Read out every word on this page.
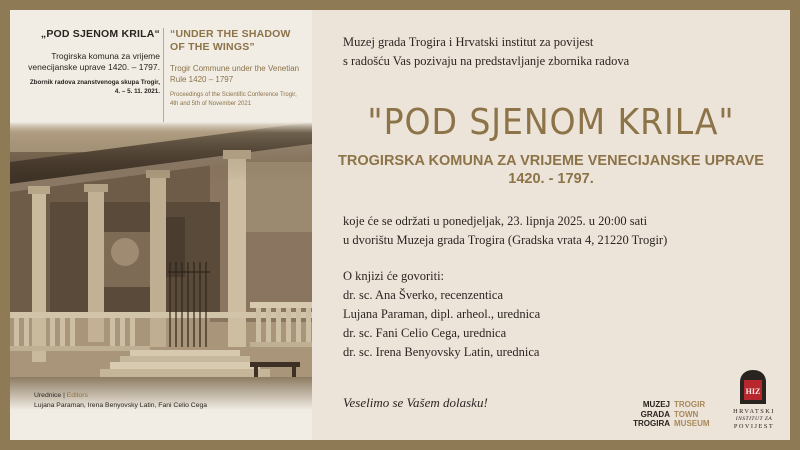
„POD SJENOM KRILA“
Trogirska komuna za vrijeme venecijanske uprave 1420. – 1797.
Zbornik radova znanstvenoga skupa Trogir, 4. – 5. 11. 2021.
“UNDER THE SHADOW OF THE WINGS”
Trogir Commune under the Venetian Rule 1420 – 1797
Proceedings of the Scientific Conference Trogir, 4th and 5th of November 2021
Urednice | Editors
Lujana Paraman, Irena Benyovsky Latin, Fani Celio Cega
Muzej grada Trogira i Hrvatski institut za povijest
s radošću Vas pozivaju na predstavljanje zbornika radova
"POD SJENOM KRILA"
TROGIRSKA KOMUNA ZA VRIJEME VENECIJANSKE UPRAVE
1420. - 1797.
koje će se održati u ponedjeljak, 23. lipnja 2025. u 20:00 sati
u dvorištu Muzeja grada Trogira (Gradska vrata 4, 21220 Trogir)
O knjizi će govoriti:
dr. sc. Ana Šverko, recenzentica
Lujana Paraman, dipl. arheol., urednica
dr. sc. Fani Celio Cega, urednica
dr. sc. Irena Benyovsky Latin, urednica
Veselimo se Vašem dolasku!	MUZEJ
GRADA
TROGIRA
TROGIR
TOWN
MUSEUM
HIZ
HRVATSKI
INSTITUT ZA
POVIJEST
